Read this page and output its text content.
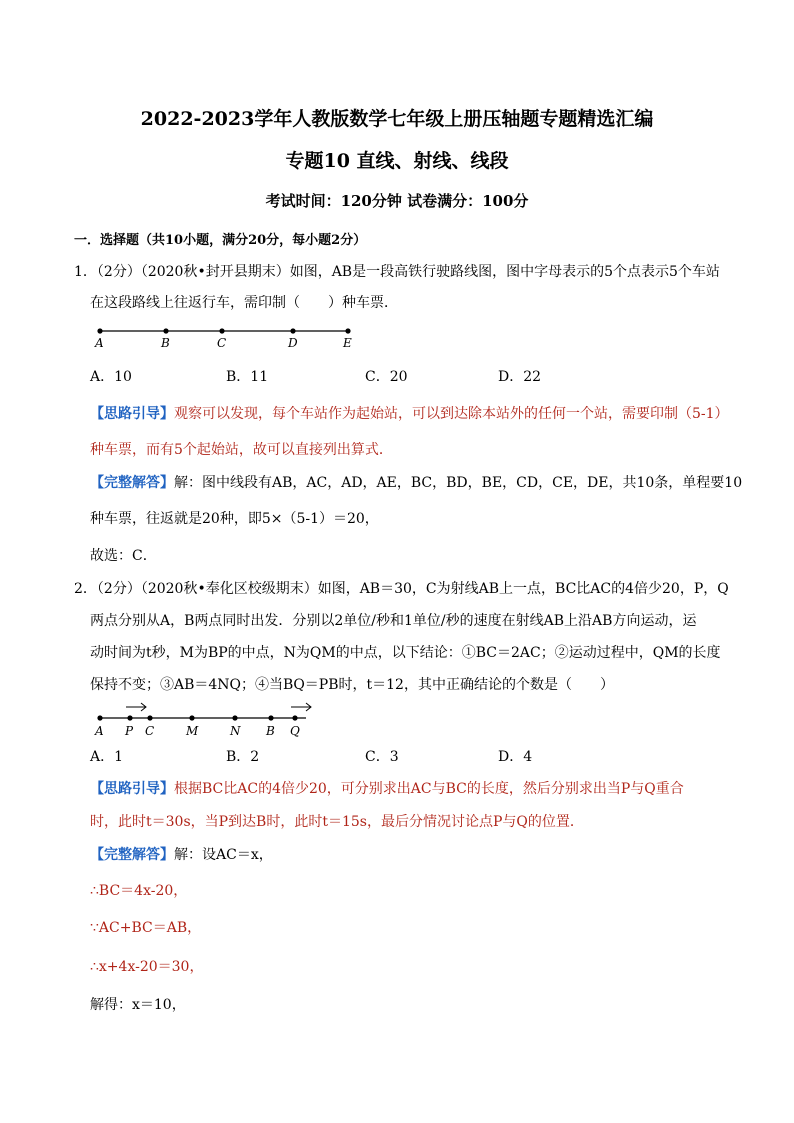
2022-2023学年人教版数学七年级上册压轴题专题精选汇编
专题10 直线、射线、线段
考试时间：120分钟 试卷满分：100分
一．选择题（共10小题，满分20分，每小题2分）
1．（2分）（2020秋•封开县期末）如图，AB是一段高铁行驶路线图，图中字母表示的5个点表示5个车站
在这段路线上往返行车，需印制（　　）种车票．
A	B	C	D	E
A．10	B．11	C．20	D．22
【思路引导】观察可以发现，每个车站作为起始站，可以到达除本站外的任何一个站，需要印制（5-1）
种车票，而有5个起始站，故可以直接列出算式．
【完整解答】解：图中线段有AB，AC，AD，AE，BC，BD，BE，CD，CE，DE，共10条，单程要10
种车票，往返就是20种，即5×（5-1）＝20，
故选：C．
2．（2分）（2020秋•奉化区校级期末）如图，AB＝30，C为射线AB上一点，BC比AC的4倍少20，P，Q
两点分别从A，B两点同时出发．分别以2单位/秒和1单位/秒的速度在射线AB上沿AB方向运动，运
动时间为t秒，M为BP的中点，N为QM的中点，以下结论：①BC＝2AC；②运动过程中，QM的长度
保持不变；③AB＝4NQ；④当BQ＝PB时，t＝12，其中正确结论的个数是（　　）
A P C	M	N B Q
A．1	B．2	C．3	D．4
【思路引导】根据BC比AC的4倍少20，可分别求出AC与BC的长度，然后分别求出当P与Q重合
时，此时t＝30s，当P到达B时，此时t＝15s，最后分情况讨论点P与Q的位置．
【完整解答】解：设AC＝x，
∴BC＝4x-20，
∵AC+BC＝AB，
∴x+4x-20＝30，
解得：x＝10，
